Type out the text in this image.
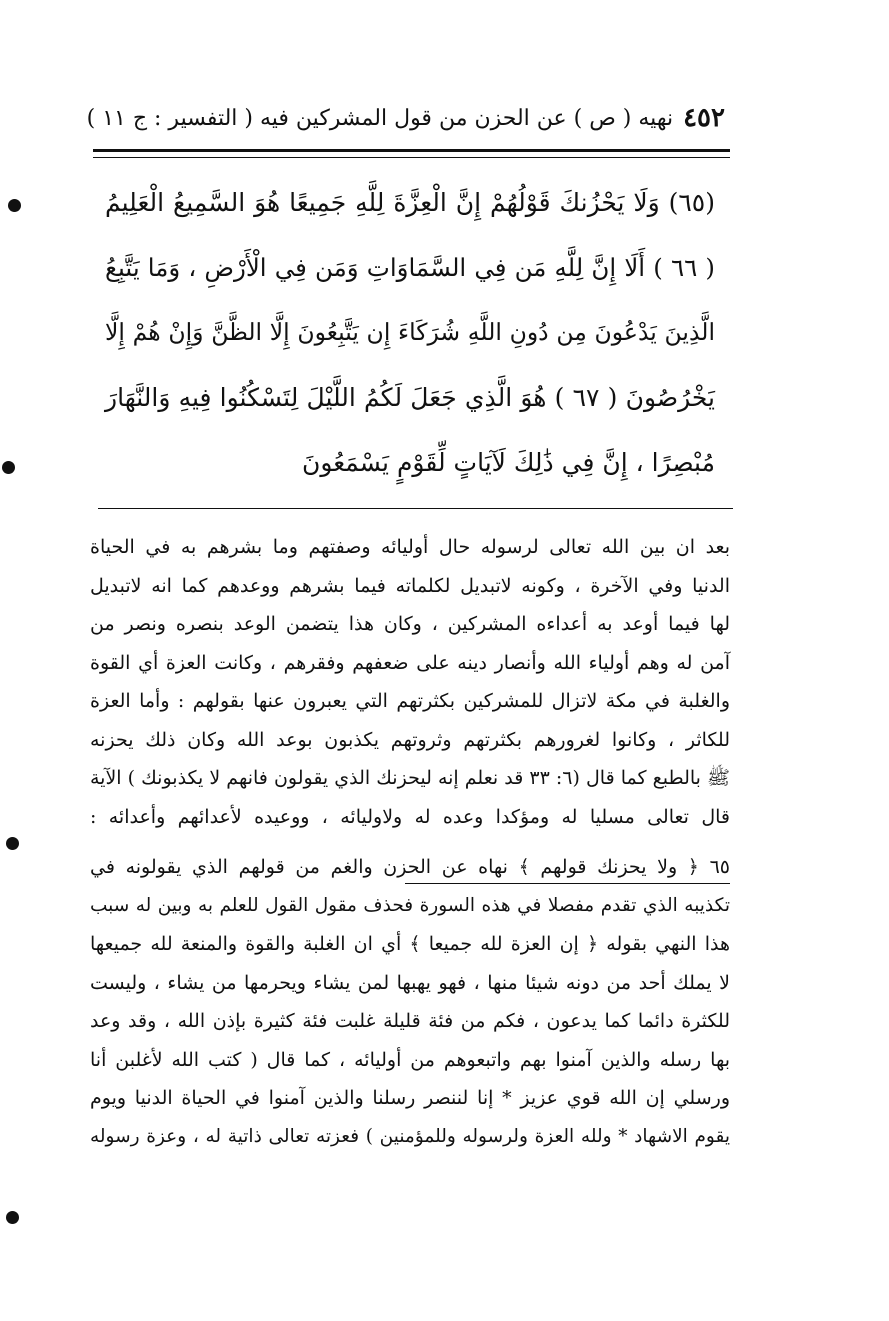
٤٥٢
نهيه ( ص ) عن الحزن من قول المشركين فيه ( التفسير : ج ١١ )
(٦٥) وَلَا يَحْزُنكَ قَوْلُهُمْ إِنَّ الْعِزَّةَ لِلَّهِ جَمِيعًا هُوَ السَّمِيعُ الْعَلِيمُ
( ٦٦ ) أَلَا إِنَّ لِلَّهِ مَن فِي السَّمَاوَاتِ وَمَن فِي الْأَرْضِ ، وَمَا يَتَّبِعُ
الَّذِينَ يَدْعُونَ مِن دُونِ اللَّهِ شُرَكَاءَ إِن يَتَّبِعُونَ إِلَّا الظَّنَّ وَإِنْ هُمْ إِلَّا
يَخْرُصُونَ ( ٦٧ ) هُوَ الَّذِي جَعَلَ لَكُمُ اللَّيْلَ لِتَسْكُنُوا فِيهِ وَالنَّهَارَ
مُبْصِرًا ، إِنَّ فِي ذَٰلِكَ لَآيَاتٍ لِّقَوْمٍ يَسْمَعُونَ
بعد ان بين الله تعالى لرسوله حال أوليائه وصفتهم وما بشرهم به في الحياة
الدنيا وفي الآخرة ، وكونه لاتبديل لكلماته فيما بشرهم ووعدهم كما انه لاتبديل
لها فيما أوعد به أعداءه المشركين ، وكان هذا يتضمن الوعد بنصره ونصر من
آمن له وهم أولياء الله وأنصار دينه على ضعفهم وفقرهم ، وكانت العزة أي القوة
والغلبة في مكة لاتزال للمشركين بكثرتهم التي يعبرون عنها بقولهم : وأما العزة
للكاثر ، وكانوا لغرورهم بكثرتهم وثروتهم يكذبون بوعد الله وكان ذلك يحزنه
ﷺ بالطبع كما قال (٦: ٣٣ قد نعلم إنه ليحزنك الذي يقولون فانهم لا يكذبونك ) الآية
قال تعالى مسليا له ومؤكدا وعده له ولاوليائه ، ووعيده لأعدائهم وأعدائه :
٦٥ ﴿ ولا يحزنك قولهم ﴾ نهاه عن الحزن والغم من قولهم الذي يقولونه في
تكذيبه الذي تقدم مفصلا في هذه السورة فحذف مقول القول للعلم به وبين له سبب
هذا النهي بقوله ﴿ إن العزة لله جميعا ﴾ أي ان الغلبة والقوة والمنعة لله جميعها
لا يملك أحد من دونه شيئا منها ، فهو يهبها لمن يشاء ويحرمها من يشاء ، وليست
للكثرة دائما كما يدعون ، فكم من فئة قليلة غلبت فئة كثيرة بإذن الله ، وقد وعد
بها رسله والذين آمنوا بهم واتبعوهم من أوليائه ، كما قال ( كتب الله لأغلبن أنا
ورسلي إن الله قوي عزيز * إنا لننصر رسلنا والذين آمنوا في الحياة الدنيا ويوم
يقوم الاشهاد * ولله العزة ولرسوله وللمؤمنين ) فعزته تعالى ذاتية له ، وعزة رسوله
